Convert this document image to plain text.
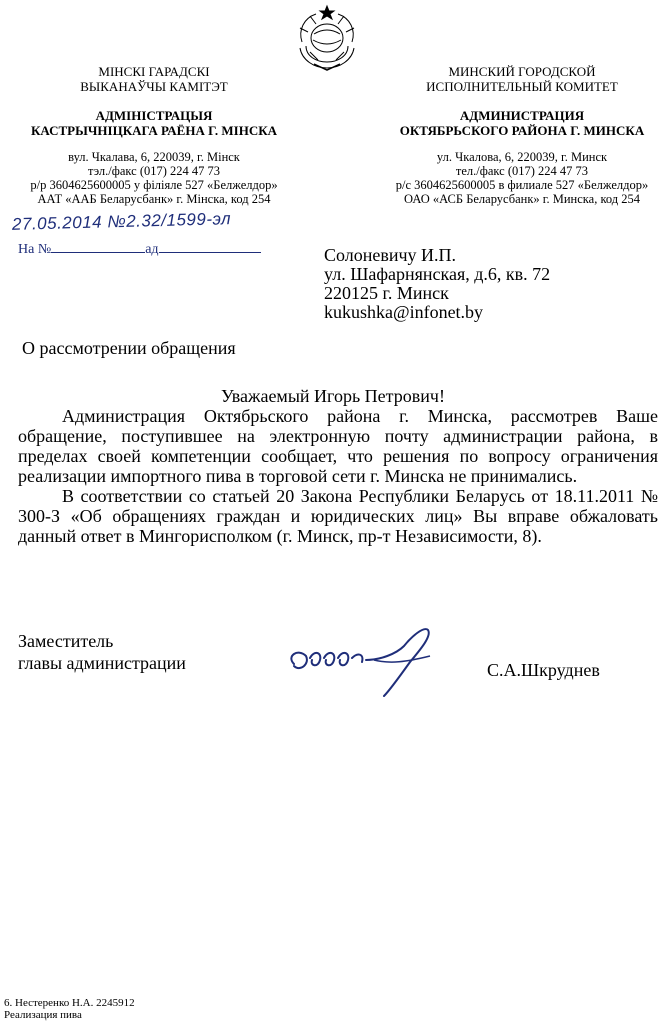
МІНСКІ ГАРАДСКІ
ВЫКАНАЎЧЫ КАМІТЭТ
АДМІНІСТРАЦЫЯ
КАСТРЫЧНІЦКАГА РАЁНА Г. МІНСКА
вул. Чкалава, 6, 220039, г. Мінск
тэл./факс (017) 224 47 73
р/р 3604625600005 у філіяле 527 «Белжелдор»
ААТ «ААБ Беларусбанк» г. Мінска, код 254
МИНСКИЙ ГОРОДСКОЙ
ИСПОЛНИТЕЛЬНЫЙ КОМИТЕТ
АДМИНИСТРАЦИЯ
ОКТЯБРЬСКОГО РАЙОНА Г. МИНСКА
ул. Чкалова, 6, 220039, г. Минск
тел./факс (017) 224 47 73
р/с 3604625600005 в филиале 527 «Белжелдор»
ОАО «АСБ Беларусбанк» г. Минска, код 254
27.05.2014 №2.32/1599-эл
На №	ад	Солоневичу И.П.
ул. Шафарнянская, д.6, кв. 72
220125 г. Минск
kukushka@infonet.by
О рассмотрении обращения
Уважаемый Игорь Петрович!

Администрация Октябрьского района г. Минска, рассмотрев Ваше обращение, поступившее на электронную почту администрации района, в пределах своей компетенции сообщает, что решения по вопросу ограничения реализации импортного пива в торговой сети г. Минска не принимались.

В соответствии со статьей 20 Закона Республики Беларусь от 18.11.2011 № 300-З «Об обращениях граждан и юридических лиц» Вы вправе обжаловать данный ответ в Мингорисполком (г. Минск, пр-т Независимости, 8).

Заместитель
главы администрации	С.А.Шкруднев
6. Нестеренко Н.А. 2245912
Реализация пива
